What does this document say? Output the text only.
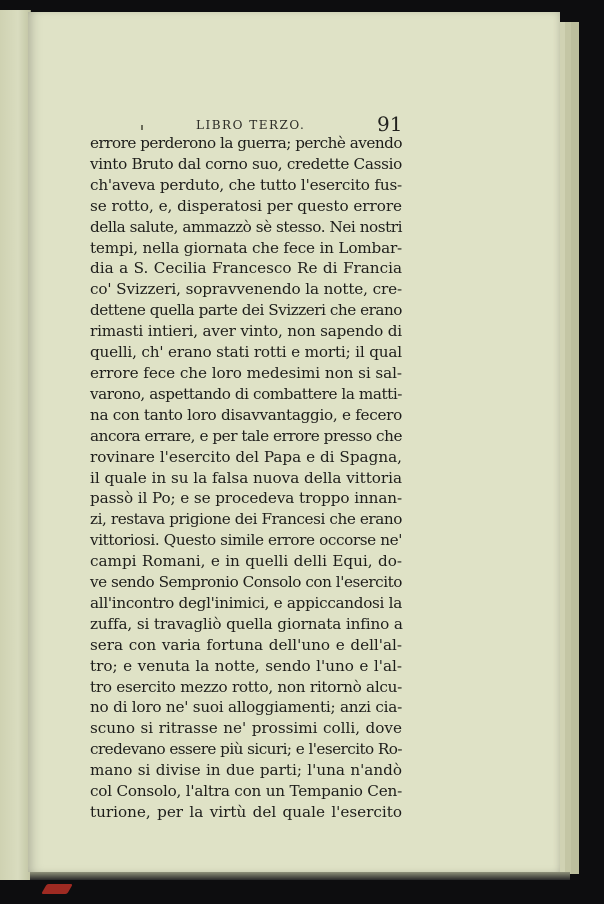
LIBRO TERZO.	91
errore perderono la guerra; perchè avendo
vinto Bruto dal corno suo, credette Cassio
ch'aveva perduto, che tutto l'esercito fus-
se rotto, e, disperatosi per questo errore
della salute, ammazzò sè stesso. Nei nostri
tempi, nella giornata che fece in Lombar-
dia a S. Cecilia Francesco Re di Francia
co' Svizzeri, sopravvenendo la notte, cre-
dettene quella parte dei Svizzeri che erano
rimasti intieri, aver vinto, non sapendo di
quelli, ch' erano stati rotti e morti; il qual
errore fece che loro medesimi non si sal-
varono, aspettando di combattere la matti-
na con tanto loro disavvantaggio, e fecero
ancora errare, e per tale errore presso che
rovinare l'esercito del Papa e di Spagna,
il quale in su la falsa nuova della vittoria
passò il Po; e se procedeva troppo innan-
zi, restava prigione dei Francesi che erano
vittoriosi. Questo simile errore occorse ne'
campi Romani, e in quelli delli Equi, do-
ve sendo Sempronio Consolo con l'esercito
all'incontro degl'inimici, e appiccandosi la
zuffa, si travagliò quella giornata infino a
sera con varia fortuna dell'uno e dell'al-
tro; e venuta la notte, sendo l'uno e l'al-
tro esercito mezzo rotto, non ritornò alcu-
no di loro ne' suoi alloggiamenti; anzi cia-
scuno si ritrasse ne' prossimi colli, dove
credevano essere più sicuri; e l'esercito Ro-
mano si divise in due parti; l'una n'andò
col Consolo, l'altra con un Tempanio Cen-
turione, per la virtù del quale l'esercito
